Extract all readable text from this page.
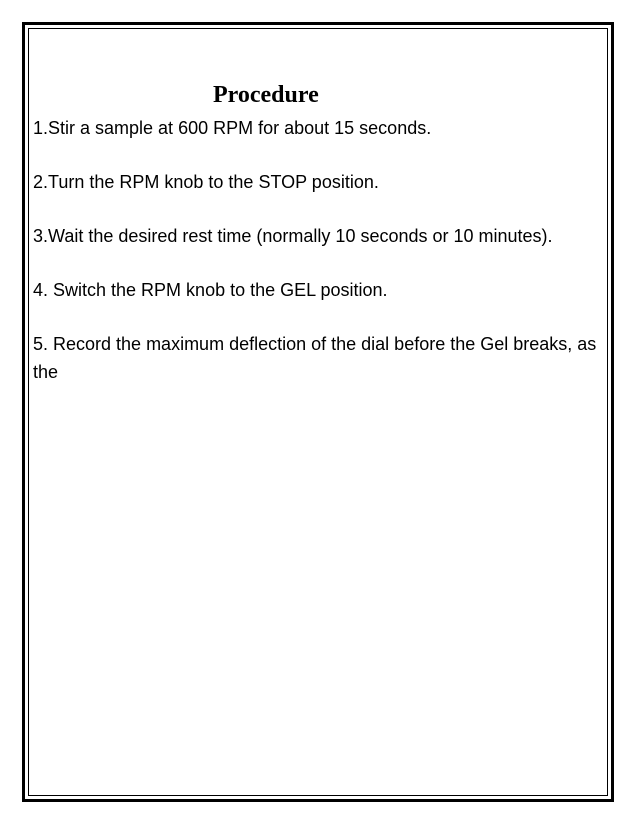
Procedure

1.Stir a sample at 600 RPM for about 15 seconds.

2.Turn the RPM knob to the STOP position.

3.Wait the desired rest time (normally 10 seconds or 10 minutes).

4. Switch the RPM knob to the GEL position.

5. Record the maximum deflection of the dial before the Gel breaks, as the
